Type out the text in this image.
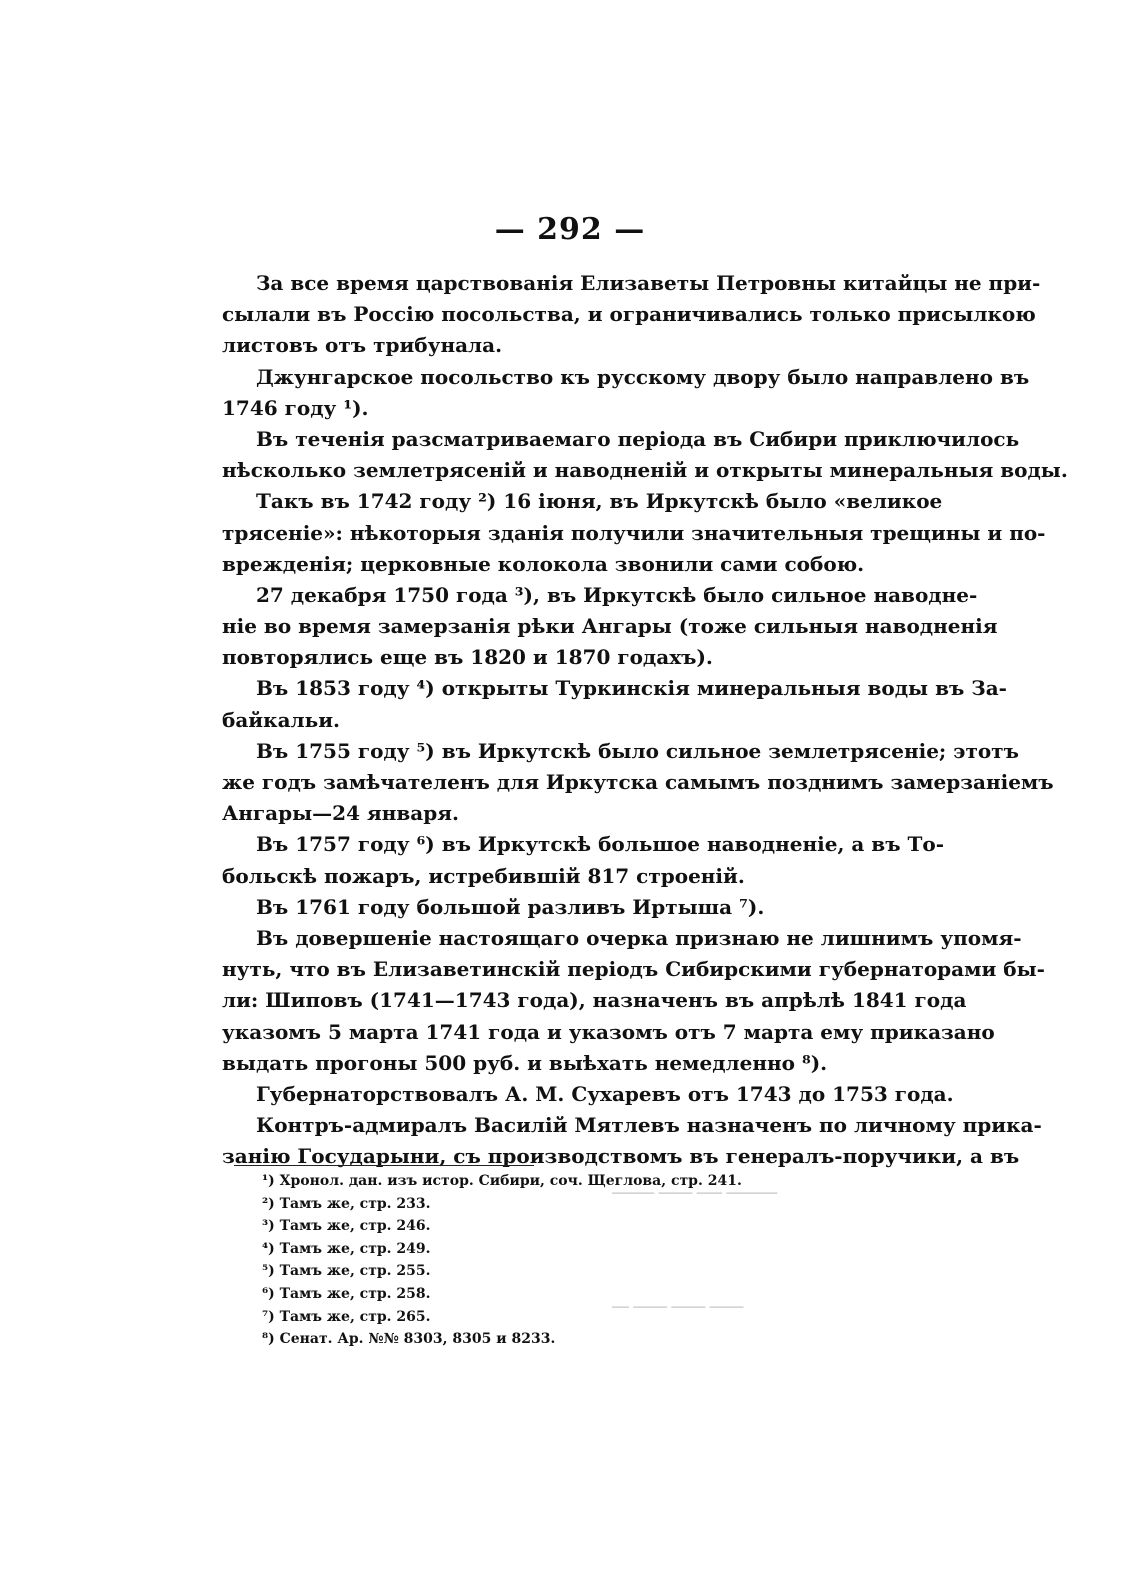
— 292 —
За все время царствованія Елизаветы Петровны китайцы не при-
сылали въ Россію посольства, и ограничивались только присылкою
листовъ отъ трибунала.
Джунгарское посольство къ русскому двору было направлено въ
1746 году ¹).
Въ теченія разсматриваемаго періода въ Сибири приключилось
нѣсколько землетрясеній и наводненій и открыты минеральныя воды.
Такъ въ 1742 году ²) 16 іюня, въ Иркутскѣ было «великое
трясеніе»: нѣкоторыя зданія получили значительныя трещины и по-
врежденія; церковные колокола звонили сами собою.
27 декабря 1750 года ³), въ Иркутскѣ было сильное наводне-
ніе во время замерзанія рѣки Ангары (тоже сильныя наводненія
повторялись еще въ 1820 и 1870 годахъ).
Въ 1853 году ⁴) открыты Туркинскія минеральныя воды въ За-
байкальи.
Въ 1755 году ⁵) въ Иркутскѣ было сильное землетрясеніе; этотъ
же годъ замѣчателенъ для Иркутска самымъ позднимъ замерзаніемъ
Ангары—24 января.
Въ 1757 году ⁶) въ Иркутскѣ большое наводненіе, а въ То-
больскѣ пожаръ, истребившій 817 строеній.
Въ 1761 году большой разливъ Иртыша ⁷).
Въ довершеніе настоящаго очерка признаю не лишнимъ упомя-
нуть, что въ Елизаветинскій періодъ Сибирскими губернаторами бы-
ли: Шиповъ (1741—1743 года), назначенъ въ апрѣлѣ 1841 года
указомъ 5 марта 1741 года и указомъ отъ 7 марта ему приказано
выдать прогоны 500 руб. и выѣхать немедленно ⁸).
Губернаторствовалъ А. М. Сухаревъ отъ 1743 до 1753 года.
Контръ-адмиралъ Василій Мятлевъ назначенъ по личному прика-
занію Государыни, съ производствомъ въ генералъ-поручики, а въ
¹) Хронол. дан. изъ истор. Сибири, соч. Щеглова, стр. 241.
²) Тамъ же, стр. 233.
³) Тамъ же, стр. 246.
⁴) Тамъ же, стр. 249.
⁵) Тамъ же, стр. 255.
⁶) Тамъ же, стр. 258.
⁷) Тамъ же, стр. 265.
⁸) Сенат. Ар. №№ 8303, 8305 и 8233.
────── ─── ──── ─────
──── ──── ──── ──
